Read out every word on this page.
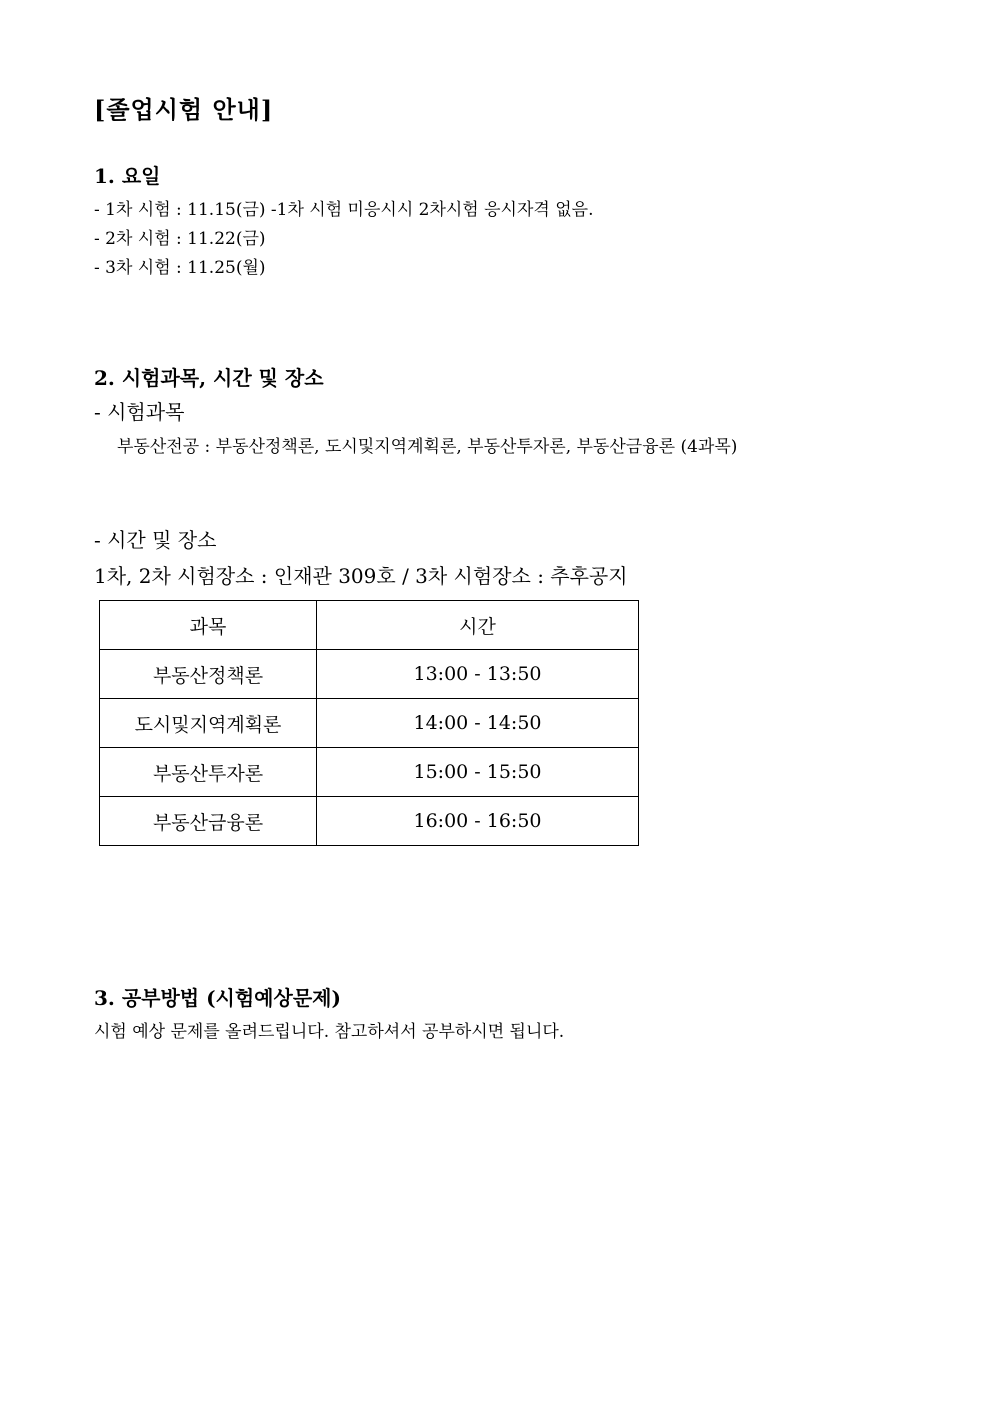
[졸업시험 안내]
1. 요일
- 1차 시험 : 11.15(금) -1차 시험 미응시시 2차시험 응시자격 없음.
- 2차 시험 : 11.22(금)
- 3차 시험 : 11.25(월)
2. 시험과목, 시간 및 장소
- 시험과목
부동산전공 : 부동산정책론, 도시및지역계획론, 부동산투자론, 부동산금융론 (4과목)
- 시간 및 장소
1차, 2차 시험장소 : 인재관 309호 / 3차 시험장소 : 추후공지
과목	시간
부동산정책론	13:00 - 13:50
도시및지역계획론	14:00 - 14:50
부동산투자론	15:00 - 15:50
부동산금융론	16:00 - 16:50
3. 공부방법 (시험예상문제)
시험 예상 문제를 올려드립니다. 참고하셔서 공부하시면 됩니다.
